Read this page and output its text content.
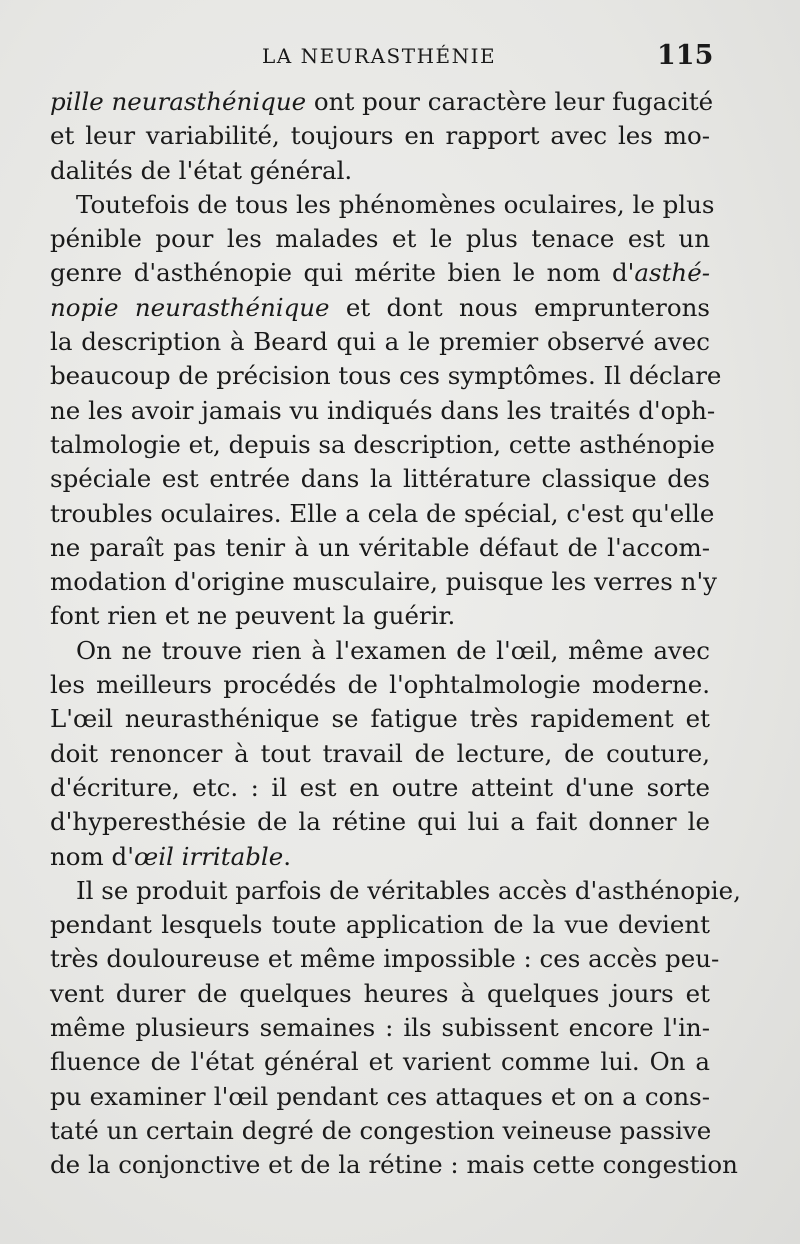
LA NEURASTHÉNIE	115
pille neurasthénique ont pour caractère leur fugacité
et leur variabilité, toujours en rapport avec les mo-
dalités de l'état général.
Toutefois de tous les phénomènes oculaires, le plus
pénible pour les malades et le plus tenace est un
genre d'asthénopie qui mérite bien le nom d'asthé-
nopie neurasthénique et dont nous emprunterons
la description à Beard qui a le premier observé avec
beaucoup de précision tous ces symptômes. Il déclare
ne les avoir jamais vu indiqués dans les traités d'oph-
talmologie et, depuis sa description, cette asthénopie
spéciale est entrée dans la littérature classique des
troubles oculaires. Elle a cela de spécial, c'est qu'elle
ne paraît pas tenir à un véritable défaut de l'accom-
modation d'origine musculaire, puisque les verres n'y
font rien et ne peuvent la guérir.
On ne trouve rien à l'examen de l'œil, même avec
les meilleurs procédés de l'ophtalmologie moderne.
L'œil neurasthénique se fatigue très rapidement et
doit renoncer à tout travail de lecture, de couture,
d'écriture, etc. : il est en outre atteint d'une sorte
d'hyperesthésie de la rétine qui lui a fait donner le
nom d'œil irritable.
Il se produit parfois de véritables accès d'asthénopie,
pendant lesquels toute application de la vue devient
très douloureuse et même impossible : ces accès peu-
vent durer de quelques heures à quelques jours et
même plusieurs semaines : ils subissent encore l'in-
fluence de l'état général et varient comme lui. On a
pu examiner l'œil pendant ces attaques et on a cons-
taté un certain degré de congestion veineuse passive
de la conjonctive et de la rétine : mais cette congestion
